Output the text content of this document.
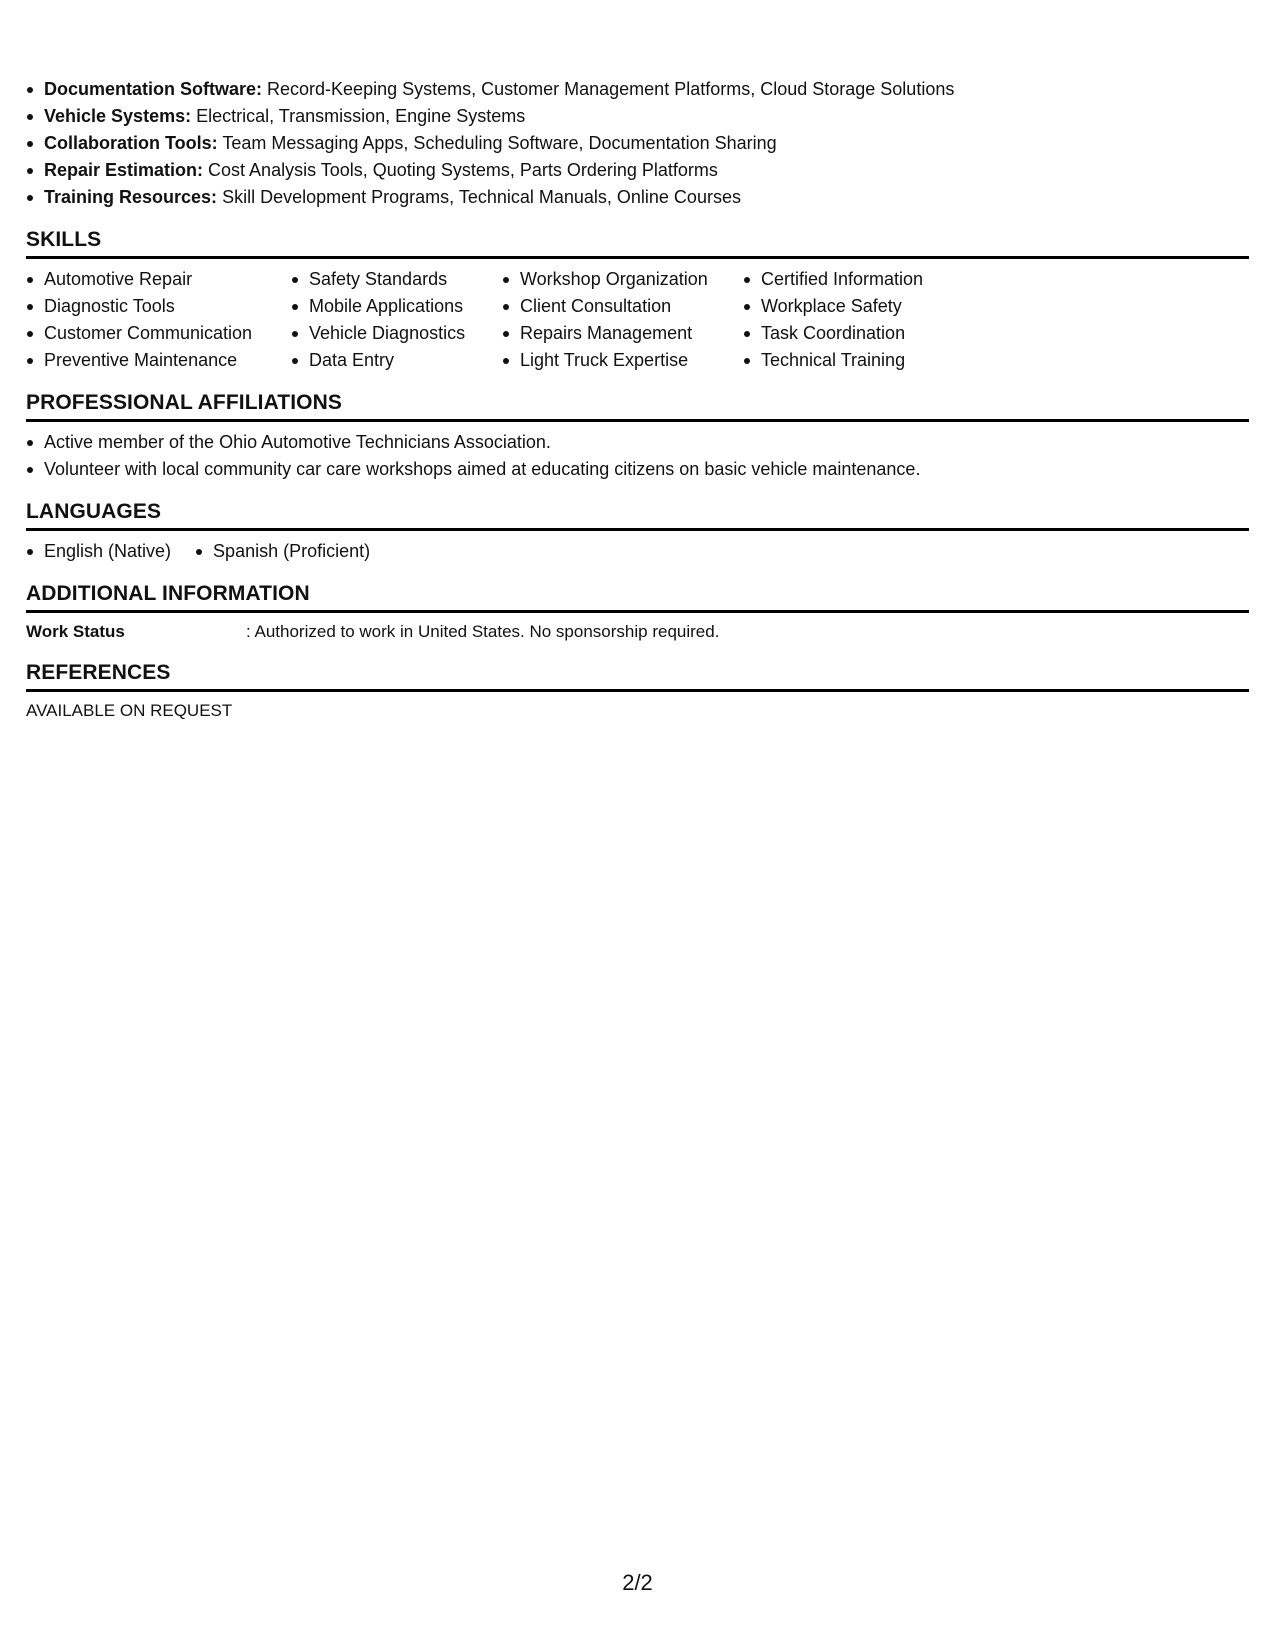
Documentation Software: Record-Keeping Systems, Customer Management Platforms, Cloud Storage Solutions
Vehicle Systems: Electrical, Transmission, Engine Systems
Collaboration Tools: Team Messaging Apps, Scheduling Software, Documentation Sharing
Repair Estimation: Cost Analysis Tools, Quoting Systems, Parts Ordering Platforms
Training Resources: Skill Development Programs, Technical Manuals, Online Courses
SKILLS
Automotive Repair
Diagnostic Tools
Customer Communication
Preventive Maintenance
Safety Standards
Mobile Applications
Vehicle Diagnostics
Data Entry
Workshop Organization
Client Consultation
Repairs Management
Light Truck Expertise
Certified Information
Workplace Safety
Task Coordination
Technical Training
PROFESSIONAL AFFILIATIONS
Active member of the Ohio Automotive Technicians Association.
Volunteer with local community car care workshops aimed at educating citizens on basic vehicle maintenance.
LANGUAGES
English (Native)	Spanish (Proficient)
ADDITIONAL INFORMATION
Work Status	: Authorized to work in United States. No sponsorship required.
REFERENCES
AVAILABLE ON REQUEST
2/2
